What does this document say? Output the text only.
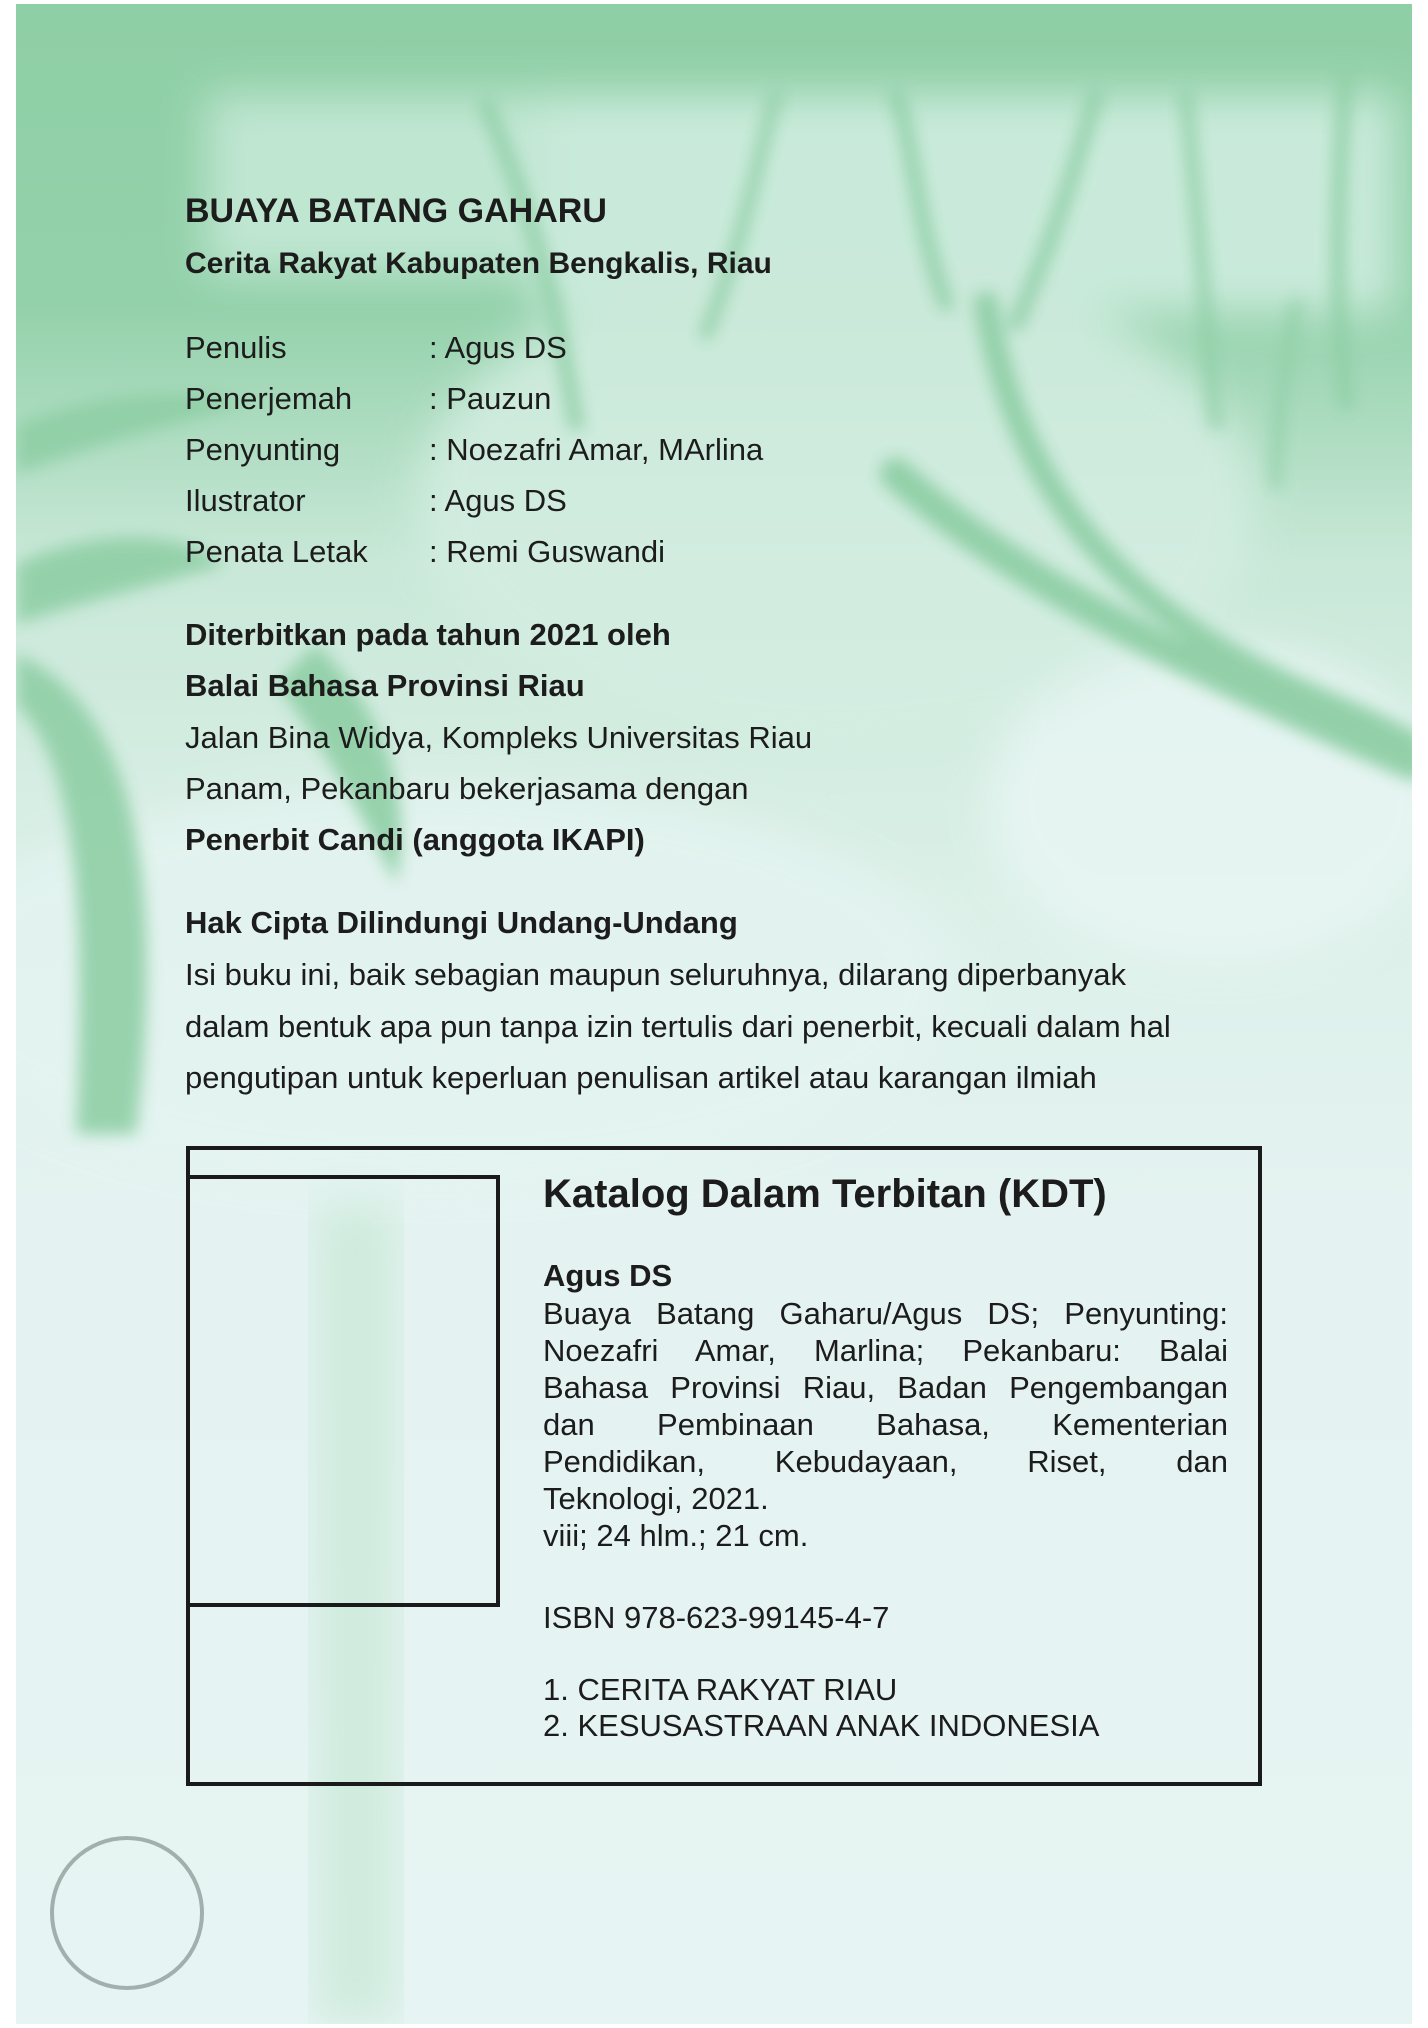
BUAYA BATANG GAHARU
Cerita Rakyat Kabupaten Bengkalis, Riau
Penulis	: Agus DS
Penerjemah : Pauzun
Penyunting	: Noezafri Amar, MArlina
Ilustrator	: Agus DS
Penata Letak : Remi Guswandi
Diterbitkan pada tahun 2021 oleh
Balai Bahasa Provinsi Riau
Jalan Bina Widya, Kompleks Universitas Riau
Panam, Pekanbaru bekerjasama dengan
Penerbit Candi (anggota IKAPI)
Hak Cipta Dilindungi Undang-Undang
Isi buku ini, baik sebagian maupun seluruhnya, dilarang diperbanyak
dalam bentuk apa pun tanpa izin tertulis dari penerbit, kecuali dalam hal
pengutipan untuk keperluan penulisan artikel atau karangan ilmiah
Katalog Dalam Terbitan (KDT)
Agus DS
Buaya Batang Gaharu/Agus DS; Penyunting:
Noezafri Amar, Marlina; Pekanbaru: Balai
Bahasa Provinsi Riau, Badan Pengembangan
dan Pembinaan Bahasa, Kementerian
Pendidikan, Kebudayaan, Riset, dan
Teknologi, 2021.
viii; 24 hlm.; 21 cm.
ISBN 978-623-99145-4-7
1. CERITA RAKYAT RIAU
2. KESUSASTRAAN ANAK INDONESIA
